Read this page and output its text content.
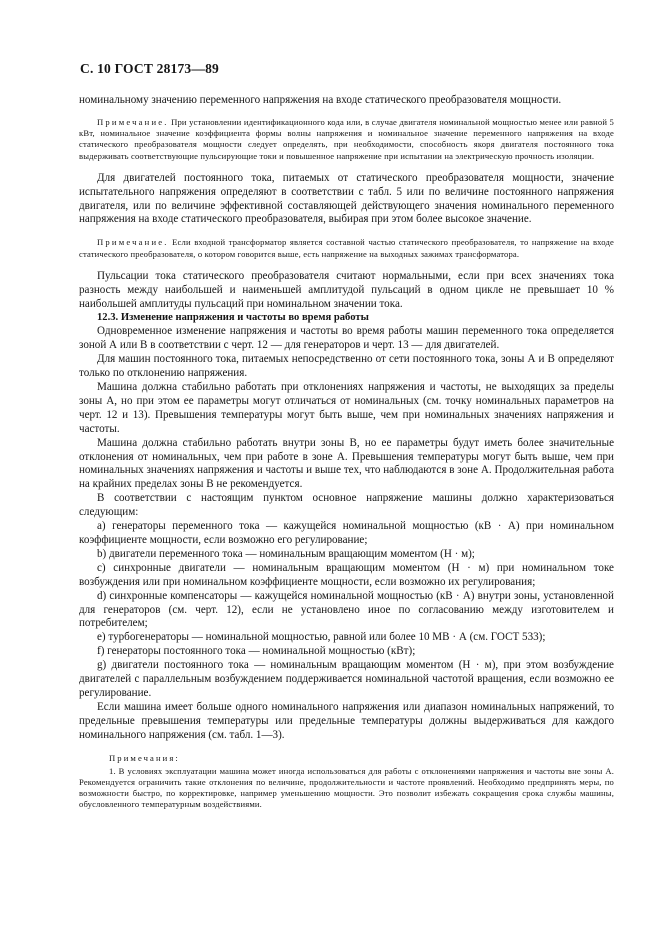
С. 10 ГОСТ 28173—89

номинальному значению переменного напряжения на входе статического преобразователя мощности.

Примечание. При установлении идентификационного кода или, в случае двигателя номинальной мощностью менее или равной 5 кВт, номинальное значение коэффициента формы волны напряжения и номинальное значение переменного напряжения на входе статического преобразователя мощности следует определять, при необходимости, способность якоря двигателя постоянного тока выдерживать соответствующие пульсирующие токи и повышенное напряжение при испытании на электрическую прочность изоляции.

Для двигателей постоянного тока, питаемых от статического преобразователя мощности, значение испытательного напряжения определяют в соответствии с табл. 5 или по величине постоянного напряжения двигателя, или по величине эффективной составляющей действующего значения номинального переменного напряжения на входе статического преобразователя, выбирая при этом более высокое значение.

Примечание. Если входной трансформатор является составной частью статического преобразователя, то напряжение на входе статического преобразователя, о котором говорится выше, есть напряжение на выходных зажимах трансформатора.

Пульсации тока статического преобразователя считают нормальными, если при всех значениях тока разность между наибольшей и наименьшей амплитудой пульсаций в одном цикле не превышает 10 % наибольшей амплитуды пульсаций при номинальном значении тока.

12.3. Изменение напряжения и частоты во время работы

Одновременное изменение напряжения и частоты во время работы машин переменного тока определяется зоной А или В в соответствии с черт. 12 — для генераторов и черт. 13 — для двигателей.

Для машин постоянного тока, питаемых непосредственно от сети постоянного тока, зоны А и В определяют только по отклонению напряжения.

Машина должна стабильно работать при отклонениях напряжения и частоты, не выходящих за пределы зоны А, но при этом ее параметры могут отличаться от номинальных (см. точку номинальных параметров на черт. 12 и 13). Превышения температуры могут быть выше, чем при номинальных значениях напряжения и частоты.

Машина должна стабильно работать внутри зоны В, но ее параметры будут иметь более значительные отклонения от номинальных, чем при работе в зоне А. Превышения температуры могут быть выше, чем при номинальных значениях напряжения и частоты и выше тех, что наблюдаются в зоне А. Продолжительная работа на крайних пределах зоны В не рекомендуется.

В соответствии с настоящим пунктом основное напряжение машины должно характеризоваться следующим:

а) генераторы переменного тока — кажущейся номинальной мощностью (кВ · А) при номинальном коэффициенте мощности, если возможно его регулирование;

b) двигатели переменного тока — номинальным вращающим моментом (Н · м);

с) синхронные двигатели — номинальным вращающим моментом (Н · м) при номинальном токе возбуждения или при номинальном коэффициенте мощности, если возможно их регулирования;

d) синхронные компенсаторы — кажущейся номинальной мощностью (кВ · А) внутри зоны, установленной для генераторов (см. черт. 12), если не установлено иное по согласованию между изготовителем и потребителем;

е) турбогенераторы — номинальной мощностью, равной или более 10 МВ · А (см. ГОСТ 533);

f) генераторы постоянного тока — номинальной мощностью (кВт);

g) двигатели постоянного тока — номинальным вращающим моментом (Н · м), при этом возбуждение двигателей с параллельным возбуждением поддерживается номинальной частотой вращения, если возможно ее регулирование.

Если машина имеет больше одного номинального напряжения или диапазон номинальных напряжений, то предельные превышения температуры или предельные температуры должны выдерживаться для каждого номинального напряжения (см. табл. 1—3).

Примечания:

1. В условиях эксплуатации машина может иногда использоваться для работы с отклонениями напряжения и частоты вне зоны А. Рекомендуется ограничить такие отклонения по величине, продолжительности и частоте проявлений. Необходимо предпринять меры, по возможности быстро, по корректировке, например уменьшению мощности. Это позволит избежать сокращения срока службы машины, обусловленного температурным воздействиями.
